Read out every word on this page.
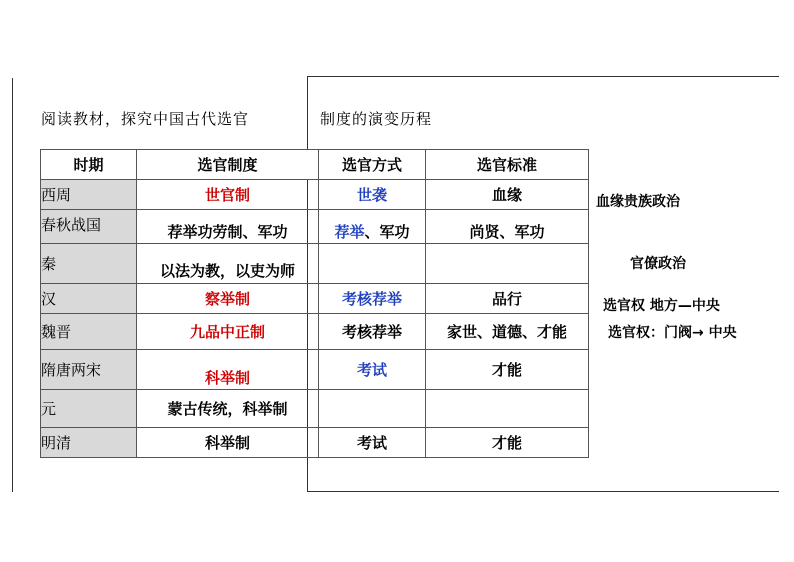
阅读教材，探究中国古代选官	制度的演变历程
时期	选官制度	选官方式	选官标准
西周	世官制	世袭	血缘
春秋战国	荐举功劳制、军功	荐举、军功	尚贤、军功
秦	以法为教，以吏为师		
汉	察举制	考核荐举	品行
魏晋	九品中正制	考核荐举	家世、道德、才能
隋唐两宋	科举制	考试	才能
元	蒙古传统，科举制		
明清	科举制	考试	才能
血缘贵族政治
官僚政治
选官权 地方—中央
选官权：门阀→ 中央
